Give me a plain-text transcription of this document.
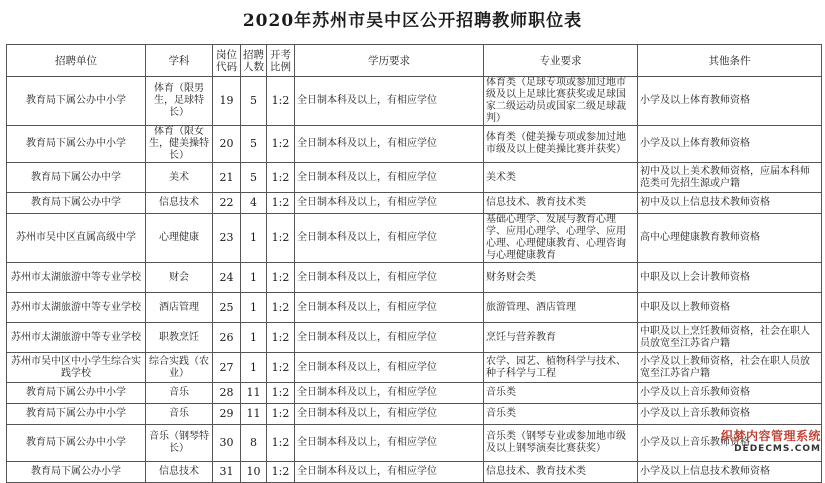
2020年苏州市吴中区公开招聘教师职位表
招聘单位	学科	岗位代码	招聘人数	开考比例	学历要求	专业要求	其他条件
教育局下属公办中小学	体育（限男生，足球特长）	19	5	1:2	全日制本科及以上，有相应学位	体育类（足球专项或参加过地市级及以上足球比赛获奖或足球国家二级运动员或国家二级足球裁判）	小学及以上体育教师资格
教育局下属公办中小学	体育（限女生，健美操特长）	20	5	1:2	全日制本科及以上，有相应学位	体育类（健美操专项或参加过地市级及以上健美操比赛并获奖）	小学及以上体育教师资格
教育局下属公办中学	美术	21	5	1:2	全日制本科及以上，有相应学位	美术类	初中及以上美术教师资格，应届本科师范类可先招生源或户籍
教育局下属公办中学	信息技术	22	4	1:2	全日制本科及以上，有相应学位	信息技术、教育技术类	初中及以上信息技术教师资格
苏州市吴中区直属高级中学	心理健康	23	1	1:2	全日制本科及以上，有相应学位	基础心理学、发展与教育心理学、应用心理学、心理学、应用心理、心理健康教育、心理咨询与心理健康教育	高中心理健康教育教师资格
苏州市太湖旅游中等专业学校	财会	24	1	1:2	全日制本科及以上，有相应学位	财务财会类	中职及以上会计教师资格
苏州市太湖旅游中等专业学校	酒店管理	25	1	1:2	全日制本科及以上，有相应学位	旅游管理、酒店管理	中职及以上教师资格
苏州市太湖旅游中等专业学校	职教烹饪	26	1	1:2	全日制本科及以上，有相应学位	烹饪与营养教育	中职及以上烹饪教师资格，社会在职人员放宽至江苏省户籍
苏州市吴中区中小学生综合实践学校	综合实践（农业）	27	1	1:2	全日制本科及以上，有相应学位	农学、园艺、植物科学与技术、种子科学与工程	小学及以上教师资格，社会在职人员放宽至江苏省户籍
教育局下属公办中小学	音乐	28	11	1:2	全日制本科及以上，有相应学位	音乐类	小学及以上音乐教师资格
教育局下属公办中小学	音乐	29	11	1:2	全日制本科及以上，有相应学位	音乐类	小学及以上音乐教师资格
教育局下属公办中小学	音乐（钢琴特长）	30	8	1:2	全日制本科及以上，有相应学位	音乐类（钢琴专业或参加地市级及以上钢琴演奏比赛获奖）	小学及以上音乐教师资格
教育局下属公办小学	信息技术	31	10	1:2	全日制本科及以上，有相应学位	信息技术、教育技术类	小学及以上信息技术教师资格
织梦内容管理系统
DEDECMS.COM
